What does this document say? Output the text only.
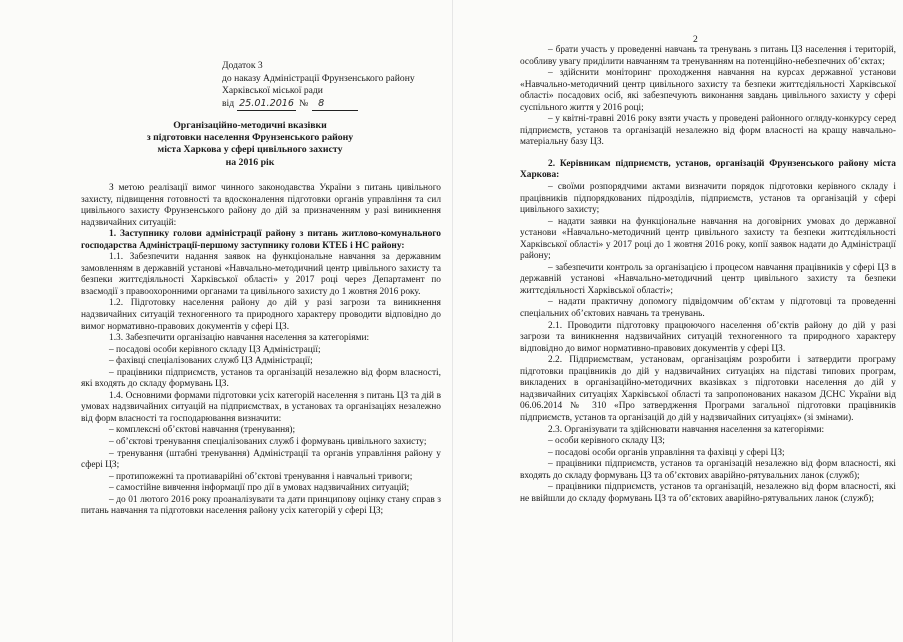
Додаток 3
до наказу Адміністрації Фрунзенського району
Харківської міської ради
від 25.01.2016 №	8
Організаційно-методичні вказівки
з підготовки населення Фрунзенського району
міста Харкова у сфері цивільного захисту
на 2016 рік

З метою реалізації вимог чинного законодавства України з питань цивільного захисту, підвищення готовності та вдосконалення підготовки органів управління та сил цивільного захисту Фрунзенського району до дій за призначенням у разі виникнення надзвичайних ситуацій:

1. Заступнику голови адміністрації району з питань житлово-комунального господарства Адміністрації-першому заступнику голови КТЕБ і НС району:

1.1. Забезпечити надання заявок на функціональне навчання за державним замовленням в державній установі «Навчально-методичний центр цивільного захисту та безпеки життєдіяльності Харківської області» у 2017 році через Департамент по взаємодії з правоохоронними органами та цивільного захисту до 1 жовтня 2016 року.

1.2. Підготовку населення району до дій у разі загрози та виникнення надзвичайних ситуацій техногенного та природного характеру проводити відповідно до вимог нормативно-правових документів у сфері ЦЗ.

1.3. Забезпечити організацію навчання населення за категоріями:

– посадові особи керівного складу ЦЗ Адміністрації;

– фахівці спеціалізованих служб ЦЗ Адміністрації;

– працівники підприємств, установ та організацій незалежно від форм власності, які входять до складу формувань ЦЗ.

1.4. Основними формами підготовки усіх категорій населення з питань ЦЗ та дій в умовах надзвичайних ситуацій на підприємствах, в установах та організаціях незалежно від форм власності та господарювання визначити:

– комплексні об’єктові навчання (тренування);

– об’єктові тренування спеціалізованих служб і формувань цивільного захисту;

– тренування (штабні тренування) Адміністрації та органів управління району у сфері ЦЗ;

– протипожежні та протиаварійні об’єктові тренування і навчальні тривоги;

– самостійне вивчення інформації про дії в умовах надзвичайних ситуацій;

– до 01 лютого 2016 року проаналізувати та дати принципову оцінку стану справ з питань навчання та підготовки населення району усіх категорій у сфері ЦЗ;

2

– брати участь у проведенні навчань та тренувань з питань ЦЗ населення і територій, особливу увагу приділити навчанням та тренуванням на потенційно-небезпечних об’єктах;

– здійснити моніторинг проходження навчання на курсах державної установи «Навчально-методичний центр цивільного захисту та безпеки життєдіяльності Харківської області» посадових осіб, які забезпечують виконання завдань цивільного захисту у сфері суспільного життя у 2016 році;

– у квітні-травні 2016 року взяти участь у проведені районного огляду-конкурсу серед підприємств, установ та організацій незалежно від форм власності на кращу навчально-матеріальну базу ЦЗ.

2. Керівникам підприємств, установ, організацій Фрунзенського району міста Харкова:

– своїми розпорядчими актами визначити порядок підготовки керівного складу і працівників підпорядкованих підрозділів, підприємств, установ та організацій у сфері цивільного захисту;

– надати заявки на функціональне навчання на договірних умовах до державної установи «Навчально-методичний центр цивільного захисту та безпеки життєдіяльності Харківської області» у 2017 році до 1 жовтня 2016 року, копії заявок надати до Адміністрації району;

– забезпечити контроль за організацією і процесом навчання працівників у сфері ЦЗ в державній установі «Навчально-методичний центр цивільного захисту та безпеки життєдіяльності Харківської області»;

– надати практичну допомогу підвідомчим об’єктам у підготовці та проведенні спеціальних об’єктових навчань та тренувань.

2.1. Проводити підготовку працюючого населення об’єктів району до дій у разі загрози та виникнення надзвичайних ситуацій техногенного та природного характеру відповідно до вимог нормативно-правових документів у сфері ЦЗ.

2.2. Підприємствам, установам, організаціям розробити і затвердити програму підготовки працівників до дій у надзвичайних ситуаціях на підставі типових програм, викладених в організаційно-методичних вказівках з підготовки населення до дій у надзвичайних ситуаціях Харківської області та запропонованих наказом ДСНС України від 06.06.2014 № 310 «Про затвердження Програми загальної підготовки працівників підприємств, установ та організацій до дій у надзвичайних ситуаціях» (зі змінами).

2.3. Організувати та здійснювати навчання населення за категоріями:

– особи керівного складу ЦЗ;

– посадові особи органів управління та фахівці у сфері ЦЗ;

– працівники підприємств, установ та організацій незалежно від форм власності, які входять до складу формувань ЦЗ та об’єктових аварійно-рятувальних ланок (служб);

– працівники підприємств, установ та організацій, незалежно від форм власності, які не ввійшли до складу формувань ЦЗ та об’єктових аварійно-рятувальних ланок (служб);
